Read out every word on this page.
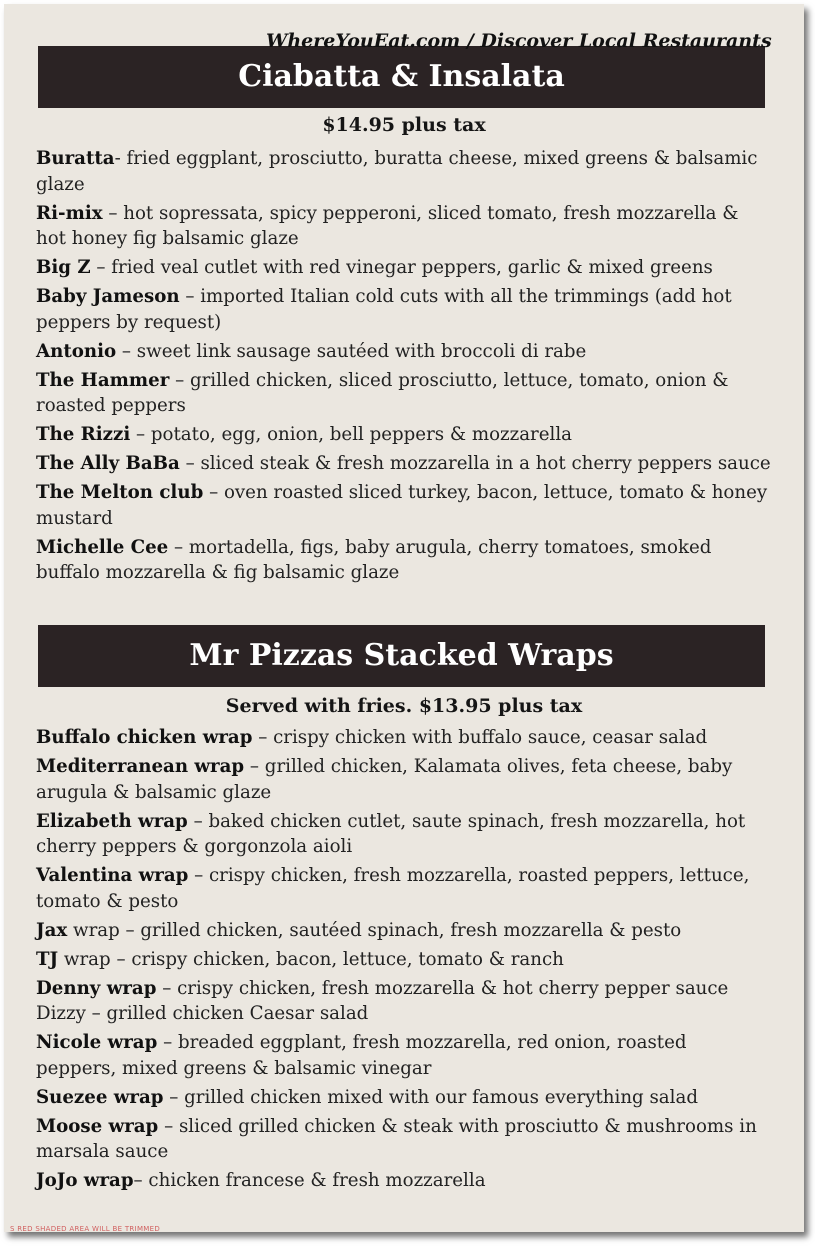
Ciabatta & Insalata
WhereYouEat.com / Discover Local Restaurants
$14.95 plus tax
Buratta- fried eggplant, prosciutto, buratta cheese, mixed greens & balsamic glaze
Ri-mix – hot sopressata, spicy pepperoni, sliced tomato, fresh mozzarella & hot honey fig balsamic glaze
Big Z – fried veal cutlet with red vinegar peppers, garlic & mixed greens
Baby Jameson – imported Italian cold cuts with all the trimmings (add hot peppers by request)
Antonio – sweet link sausage sautéed with broccoli di rabe
The Hammer – grilled chicken, sliced prosciutto, lettuce, tomato, onion & roasted peppers
The Rizzi – potato, egg, onion, bell peppers & mozzarella
The Ally BaBa – sliced steak & fresh mozzarella in a hot cherry peppers sauce
The Melton club – oven roasted sliced turkey, bacon, lettuce, tomato & honey mustard
Michelle Cee – mortadella, figs, baby arugula, cherry tomatoes, smoked buffalo mozzarella & fig balsamic glaze
Mr Pizzas Stacked Wraps
Served with fries. $13.95 plus tax
Buffalo chicken wrap – crispy chicken with buffalo sauce, ceasar salad
Mediterranean wrap – grilled chicken, Kalamata olives, feta cheese, baby arugula & balsamic glaze
Elizabeth wrap – baked chicken cutlet, saute spinach, fresh mozzarella, hot cherry peppers & gorgonzola aioli
Valentina wrap – crispy chicken, fresh mozzarella, roasted peppers, lettuce, tomato & pesto
Jax wrap – grilled chicken, sautéed spinach, fresh mozzarella & pesto
TJ wrap – crispy chicken, bacon, lettuce, tomato & ranch
Denny wrap – crispy chicken, fresh mozzarella & hot cherry pepper sauce Dizzy – grilled chicken Caesar salad
Nicole wrap – breaded eggplant, fresh mozzarella, red onion, roasted peppers, mixed greens & balsamic vinegar
Suezee wrap – grilled chicken mixed with our famous everything salad
Moose wrap – sliced grilled chicken & steak with prosciutto & mushrooms in marsala sauce
JoJo wrap– chicken francese & fresh mozzarella
S RED SHADED AREA WILL BE TRIMMED
